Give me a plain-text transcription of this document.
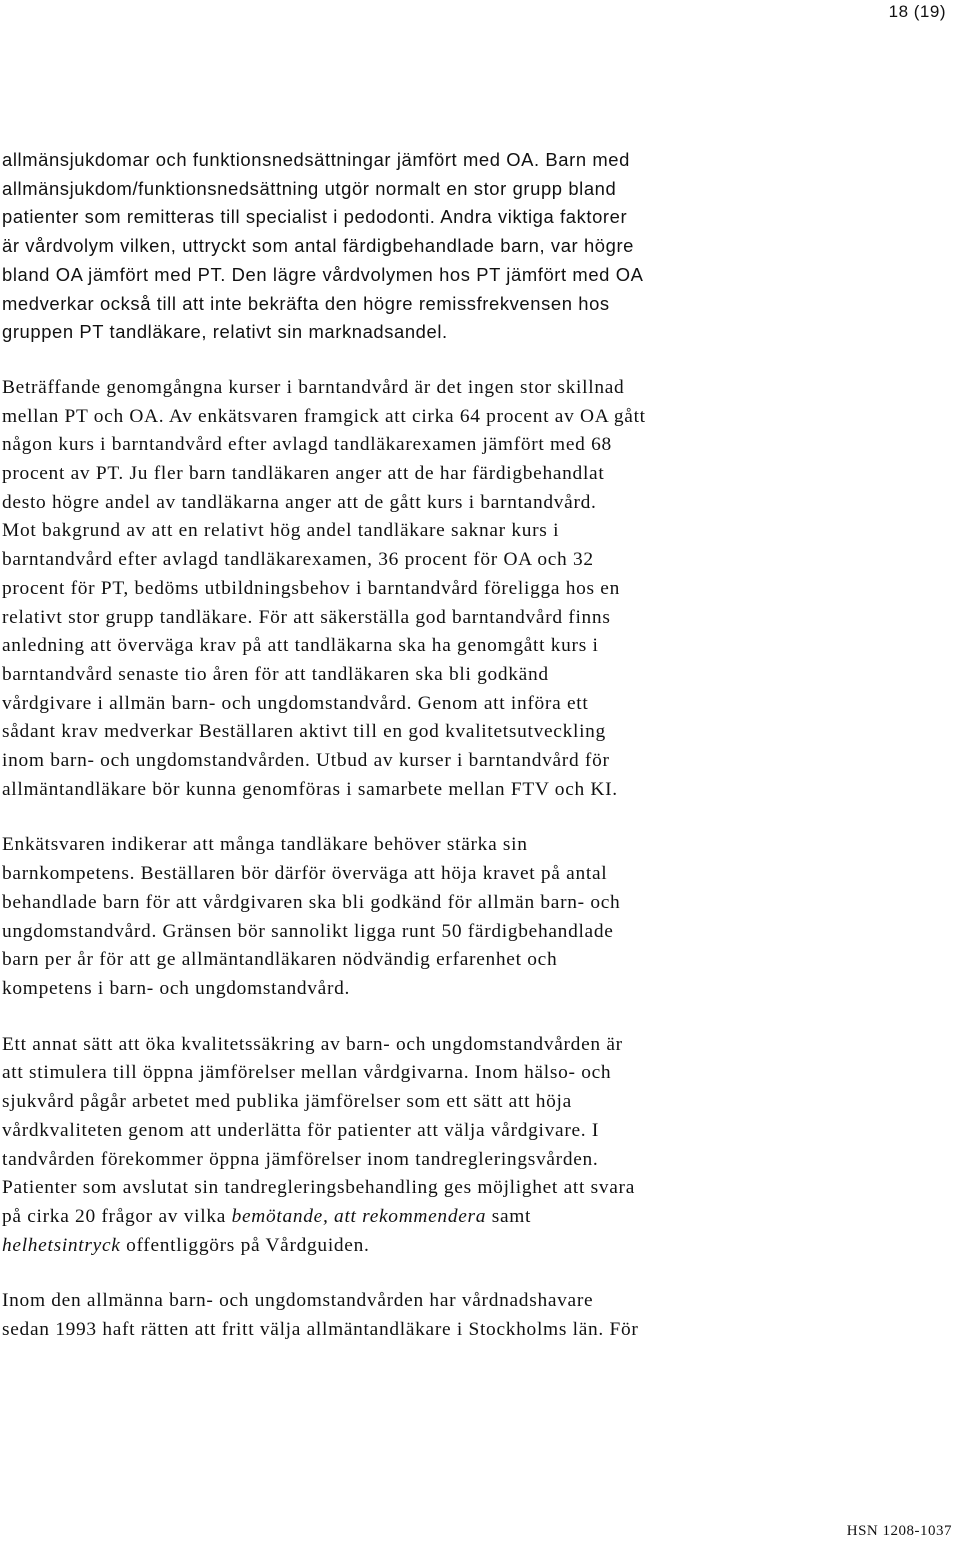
18 (19)

allmänsjukdomar och funktionsnedsättningar jämfört med OA. Barn med
allmänsjukdom/funktionsnedsättning utgör normalt en stor grupp bland
patienter som remitteras till specialist i pedodonti. Andra viktiga faktorer
är vårdvolym vilken, uttryckt som antal färdigbehandlade barn, var högre
bland OA jämfört med PT. Den lägre vårdvolymen hos PT jämfört med OA
medverkar också till att inte bekräfta den högre remissfrekvensen hos
gruppen PT tandläkare, relativt sin marknadsandel.

Beträffande genomgångna kurser i barntandvård är det ingen stor skillnad
mellan PT och OA. Av enkätsvaren framgick att cirka 64 procent av OA gått
någon kurs i barntandvård efter avlagd tandläkarexamen jämfört med 68
procent av PT. Ju fler barn tandläkaren anger att de har färdigbehandlat
desto högre andel av tandläkarna anger att de gått kurs i barntandvård.
Mot bakgrund av att en relativt hög andel tandläkare saknar kurs i
barntandvård efter avlagd tandläkarexamen, 36 procent för OA och 32
procent för PT, bedöms utbildningsbehov i barntandvård föreligga hos en
relativt stor grupp tandläkare. För att säkerställa god barntandvård finns
anledning att överväga krav på att tandläkarna ska ha genomgått kurs i
barntandvård senaste tio åren för att tandläkaren ska bli godkänd
vårdgivare i allmän barn- och ungdomstandvård. Genom att införa ett
sådant krav medverkar Beställaren aktivt till en god kvalitetsutveckling
inom barn- och ungdomstandvården. Utbud av kurser i barntandvård för
allmäntandläkare bör kunna genomföras i samarbete mellan FTV och KI.

Enkätsvaren indikerar att många tandläkare behöver stärka sin
barnkompetens. Beställaren bör därför överväga att höja kravet på antal
behandlade barn för att vårdgivaren ska bli godkänd för allmän barn- och
ungdomstandvård. Gränsen bör sannolikt ligga runt 50 färdigbehandlade
barn per år för att ge allmäntandläkaren nödvändig erfarenhet och
kompetens i barn- och ungdomstandvård.

Ett annat sätt att öka kvalitetssäkring av barn- och ungdomstandvården är
att stimulera till öppna jämförelser mellan vårdgivarna. Inom hälso- och
sjukvård pågår arbetet med publika jämförelser som ett sätt att höja
vårdkvaliteten genom att underlätta för patienter att välja vårdgivare. I
tandvården förekommer öppna jämförelser inom tandregleringsvården.
Patienter som avslutat sin tandregleringsbehandling ges möjlighet att svara
på cirka 20 frågor av vilka bemötande, att rekommendera samt
helhetsintryck offentliggörs på Vårdguiden.

Inom den allmänna barn- och ungdomstandvården har vårdnadshavare
sedan 1993 haft rätten att fritt välja allmäntandläkare i Stockholms län. För

HSN 1208-1037
